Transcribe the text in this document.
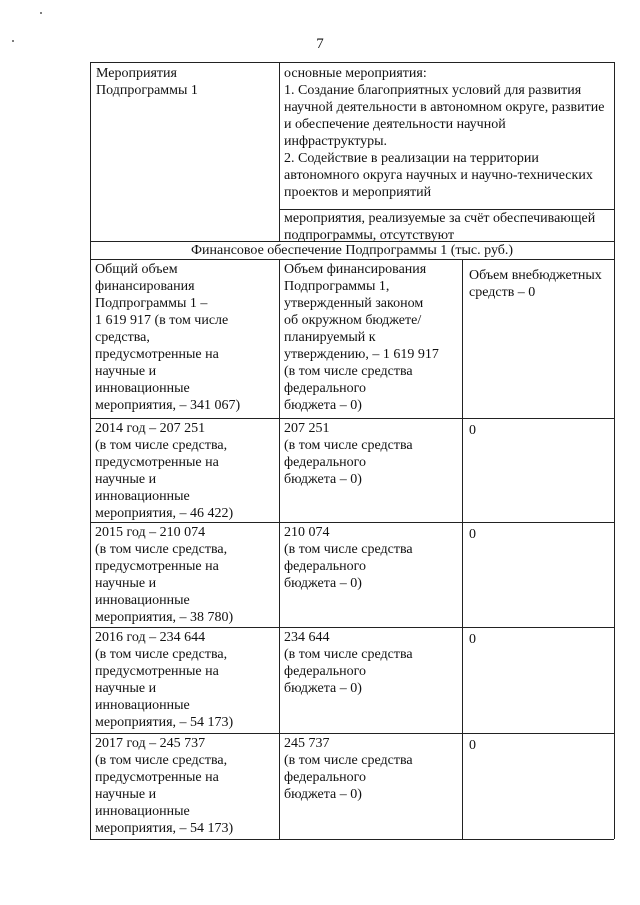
7
Мероприятия
Подпрограммы 1
основные мероприятия:
1. Создание благоприятных условий для развития научной деятельности в автономном округе, развитие и обеспечение деятельности научной инфраструктуры.
2. Содействие в реализации на территории автономного округа научных и научно-технических проектов и мероприятий
мероприятия, реализуемые за счёт обеспечивающей подпрограммы, отсутствуют
Финансовое обеспечение Подпрограммы 1 (тыс. руб.)
Общий объем
финансирования
Подпрограммы 1 –
1 619 917 (в том числе
средства,
предусмотренные на
научные и
инновационные
мероприятия, – 341 067)
Объем финансирования
Подпрограммы 1,
утвержденный законом
об окружном бюджете/
планируемый к
утверждению, – 1 619 917
(в том числе средства
федерального
бюджета – 0)
Объем внебюджетных
средств – 0
2014 год – 207 251
(в том числе средства,
предусмотренные на
научные и
инновационные
мероприятия, – 46 422)
207 251
(в том числе средства
федерального
бюджета – 0)
0
2015 год – 210 074
(в том числе средства,
предусмотренные на
научные и
инновационные
мероприятия, – 38 780)
210 074
(в том числе средства
федерального
бюджета – 0)
0
2016 год – 234 644
(в том числе средства,
предусмотренные на
научные и
инновационные
мероприятия, – 54 173)
234 644
(в том числе средства
федерального
бюджета – 0)
0
2017 год – 245 737
(в том числе средства,
предусмотренные на
научные и
инновационные
мероприятия, – 54 173)
245 737
(в том числе средства
федерального
бюджета – 0)
0
